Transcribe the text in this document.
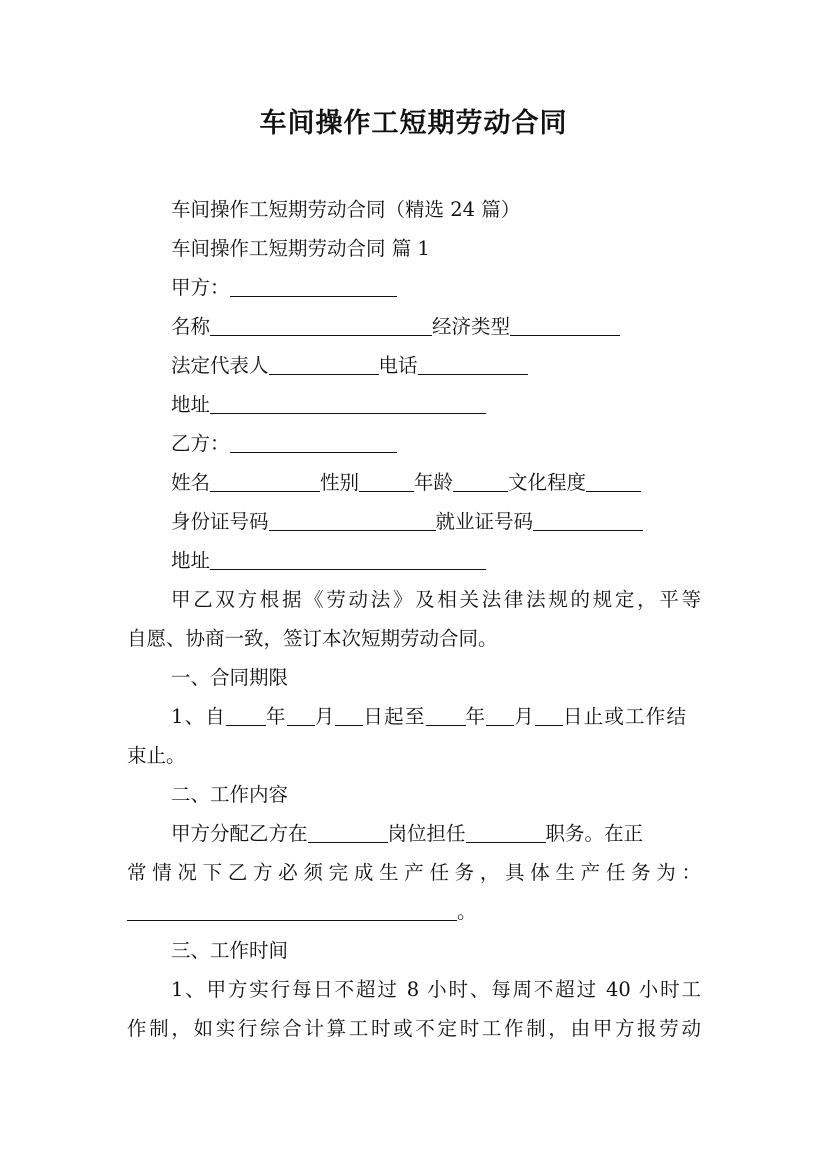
车间操作工短期劳动合同
车间操作工短期劳动合同（精选 24 篇）
车间操作工短期劳动合同 篇 1
甲方：
名称	经济类型
法定代表人	电话
地址
乙方：
姓名	性别	年龄	文化程度
身份证号码	就业证号码
地址
甲乙双方根据《劳动法》及相关法律法规的规定，平等
自愿、协商一致，签订本次短期劳动合同。
一、合同期限
1、自 年 月 日起至 年 月 日止或工作结
束止。
二、工作内容
甲方分配乙方在	岗位担任	职务。在正
常情况下乙方必须完成生产任务，具体生产任务为：
。
三、工作时间
1、甲方实行每日不超过 8 小时、每周不超过 40 小时工
作制，如实行综合计算工时或不定时工作制，由甲方报劳动
